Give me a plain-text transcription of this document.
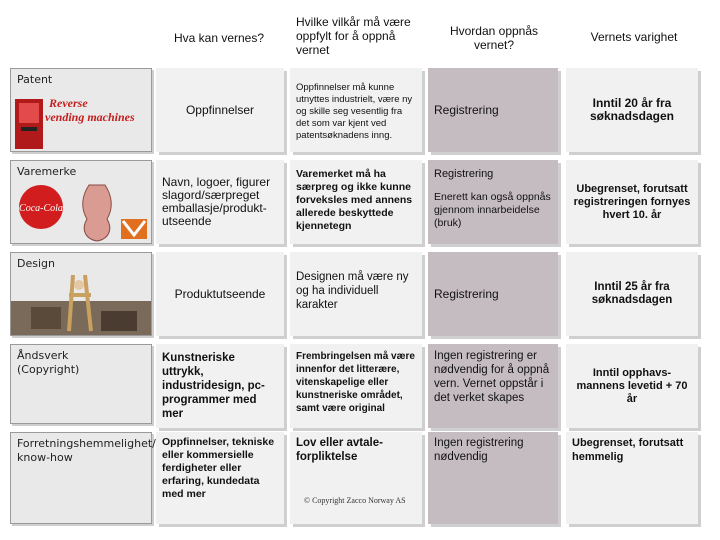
Hva kan vernes?
Hvilke vilkår må være oppfylt for å oppnå vernet
Hvordan oppnås vernet?
Vernets varighet
Patent
Reverse
vending machines
Varemerke
Coca-Cola
Design
Åndsverk
(Copyright)
Forretningshemmelighet/
know-how
Oppfinnelser
Oppfinnelser må kunne utnyttes industrielt, være ny og skille seg vesentlig fra det som var kjent ved patentsøknadens inng.
Registrering	Inntil 20 år fra søknadsdagen
Navn, logoer, figurer slagord/særpreget emballasje/produkt-utseende
Varemerket må ha særpreg og ikke kunne forveksles med annens allerede beskyttede kjennetegn
Registrering
Enerett kan også oppnås gjennom innarbeidelse (bruk)
Ubegrenset, forutsatt registreringen fornyes hvert 10. år
Produktutseende
Designen må være ny og ha individuell karakter
Registrering	Inntil 25 år fra søknadsdagen
Kunstneriske uttrykk, industridesign, pc-programmer med mer
Frembringelsen må være innenfor det litterære, vitenskapelige eller kunstneriske området, samt være original
Ingen registrering er nødvendig for å oppnå vern. Vernet oppstår i det verket skapes
Inntil opphavs-mannens levetid + 70 år
Oppfinnelser, tekniske eller kommersielle ferdigheter eller erfaring, kundedata med mer
Lov eller avtale-forpliktelse
© Copyright Zacco Norway AS
Ingen registrering nødvendig
Ubegrenset, forutsatt hemmelig
